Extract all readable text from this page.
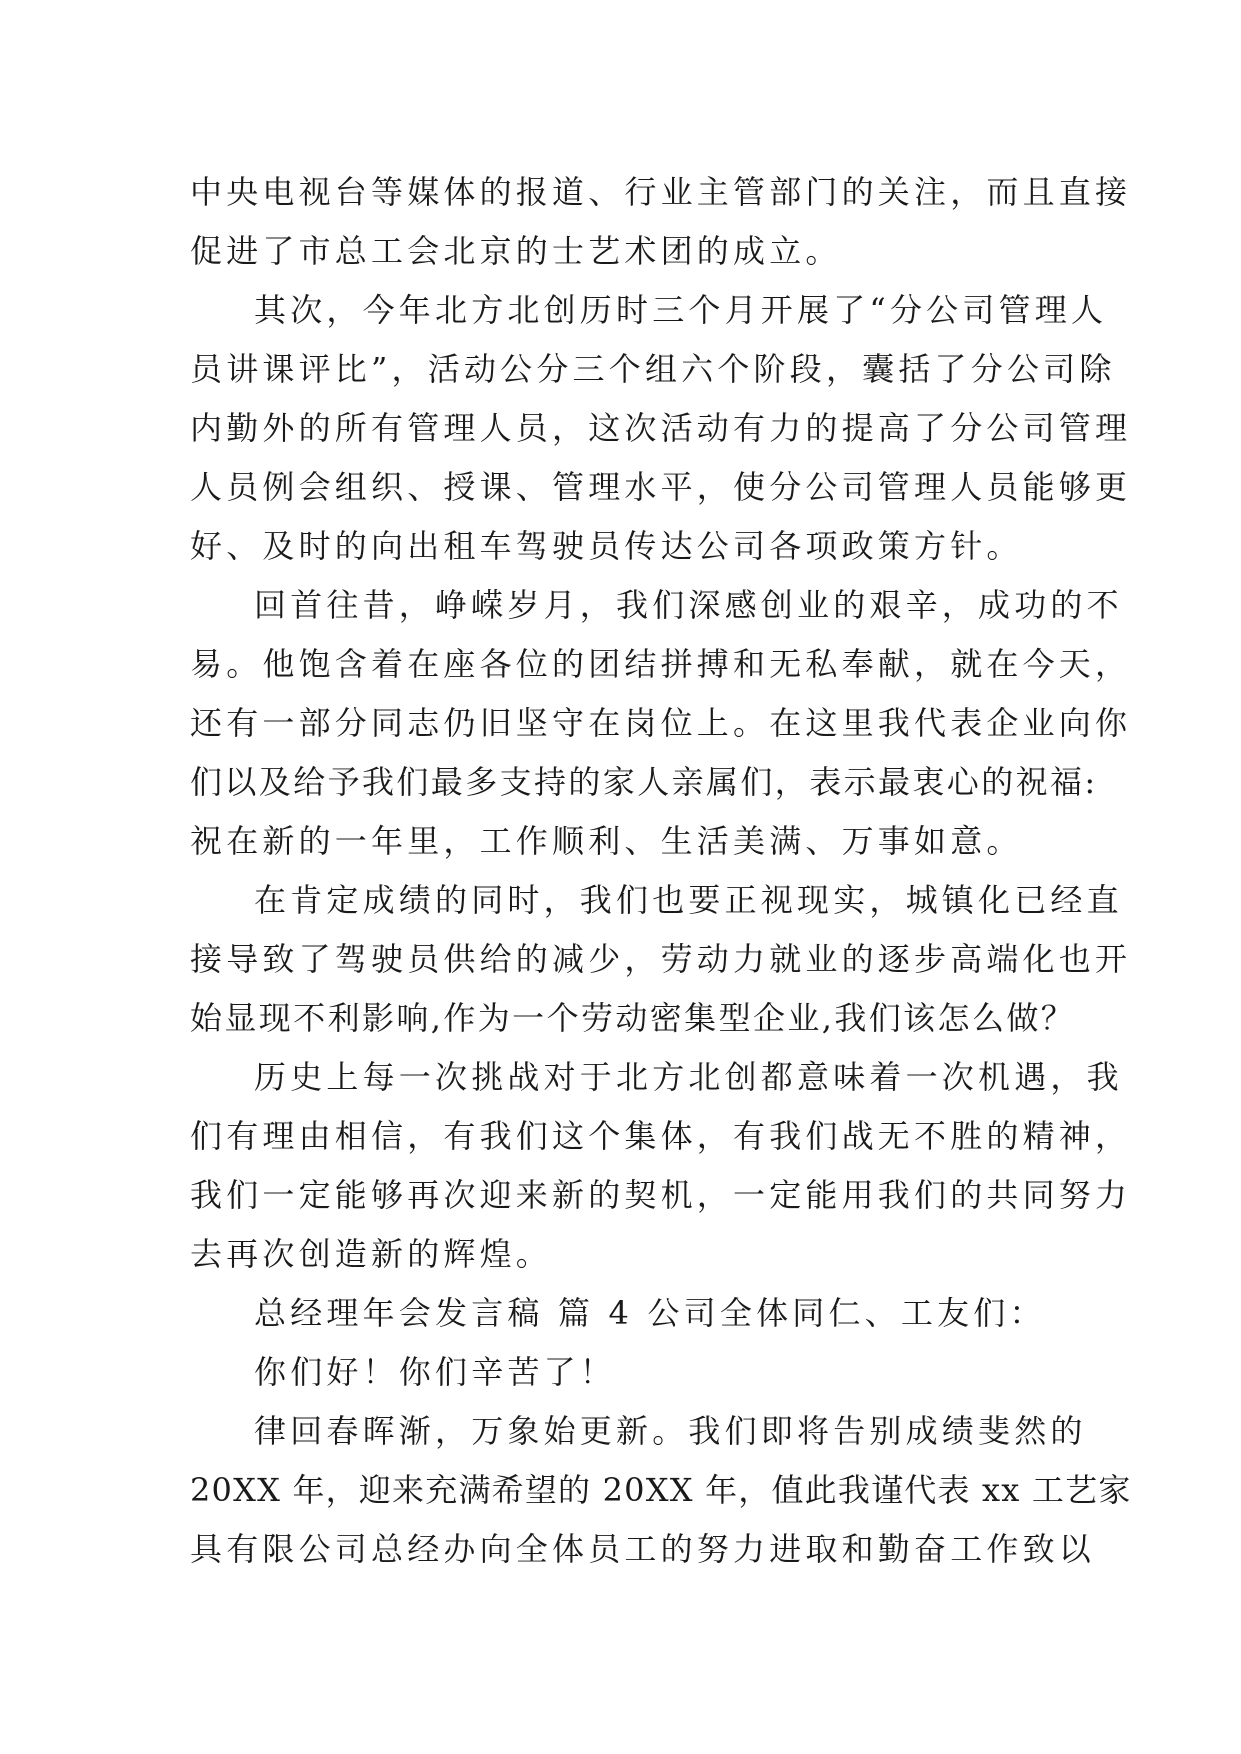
中央电视台等媒体的报道、行业主管部门的关注，而且直接
促进了市总工会北京的士艺术团的成立。
其次，今年北方北创历时三个月开展了“分公司管理人
员讲课评比”，活动公分三个组六个阶段，囊括了分公司除
内勤外的所有管理人员，这次活动有力的提高了分公司管理
人员例会组织、授课、管理水平，使分公司管理人员能够更
好、及时的向出租车驾驶员传达公司各项政策方针。
回首往昔，峥嵘岁月，我们深感创业的艰辛，成功的不
易。他饱含着在座各位的团结拼搏和无私奉献，就在今天，
还有一部分同志仍旧坚守在岗位上。在这里我代表企业向你
们以及给予我们最多支持的家人亲属们，表示最衷心的祝福:
祝在新的一年里，工作顺利、生活美满、万事如意。
在肯定成绩的同时，我们也要正视现实，城镇化已经直
接导致了驾驶员供给的减少，劳动力就业的逐步高端化也开
始显现不利影响,作为一个劳动密集型企业,我们该怎么做？
历史上每一次挑战对于北方北创都意味着一次机遇，我
们有理由相信，有我们这个集体，有我们战无不胜的精神，
我们一定能够再次迎来新的契机，一定能用我们的共同努力
去再次创造新的辉煌。
总经理年会发言稿 篇 4 公司全体同仁、工友们：
你们好！你们辛苦了！
律回春晖渐，万象始更新。我们即将告别成绩斐然的
20XX 年，迎来充满希望的 20XX 年，值此我谨代表 xx 工艺家
具有限公司总经办向全体员工的努力进取和勤奋工作致以
